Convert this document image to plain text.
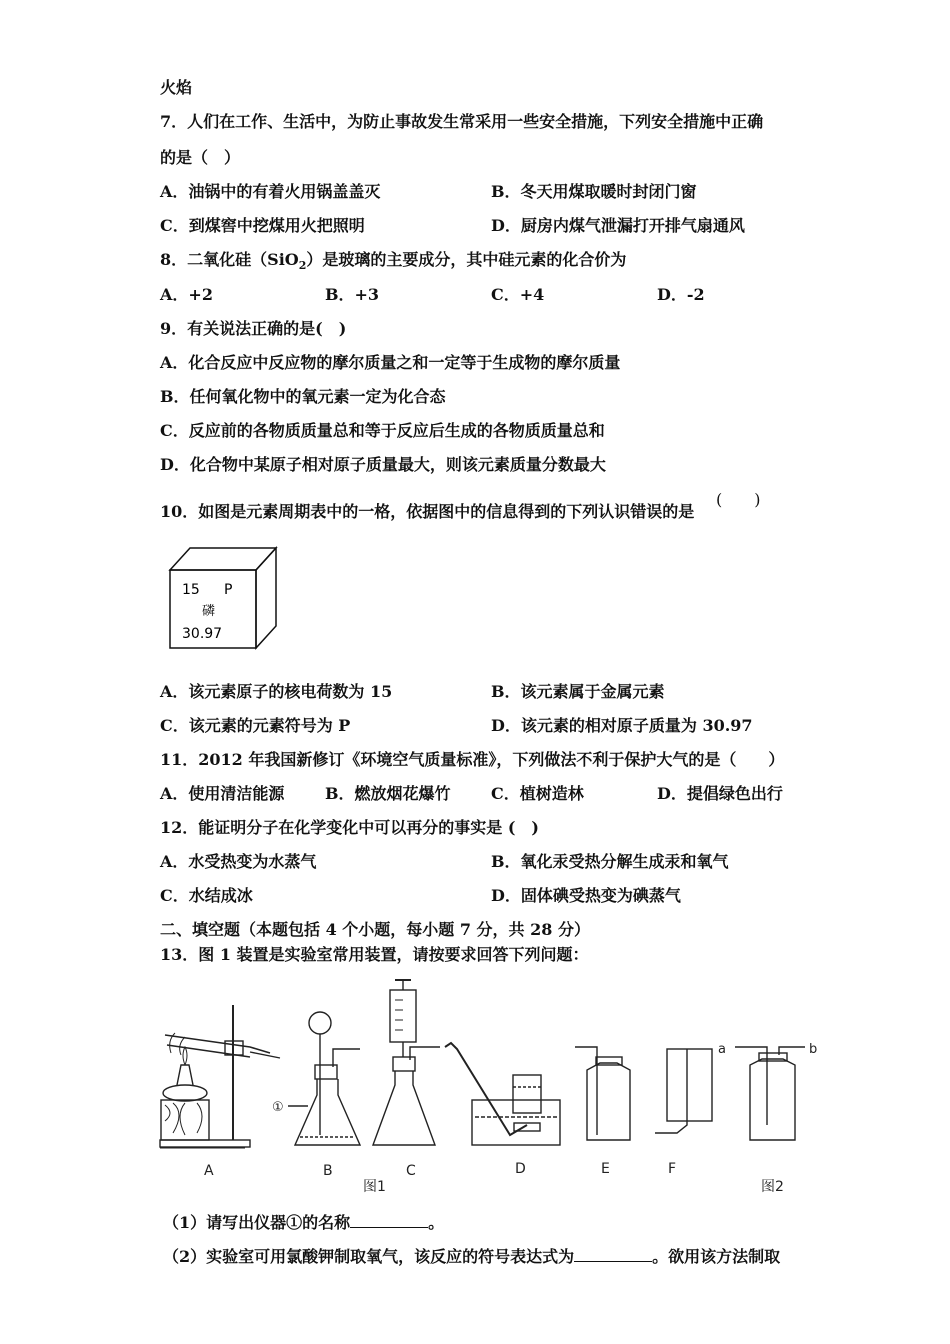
火焰
7．人们在工作、生活中，为防止事故发生常采用一些安全措施，下列安全措施中正确
的是（　）
A．油锅中的有着火用锅盖盖灭	B．冬天用煤取暖时封闭门窗
C．到煤窖中挖煤用火把照明	D．厨房内煤气泄漏打开排气扇通风
8．二氧化硅（SiO$_2$）是玻璃的主要成分，其中硅元素的化合价为
A．+2	B．+3	C．+4	D．-2
9．有关说法正确的是(　)
A．化合反应中反应物的摩尔质量之和一定等于生成物的摩尔质量
B．任何氧化物中的氧元素一定为化合态
C．反应前的各物质质量总和等于反应后生成的各物质质量总和
D．化合物中某原子相对原子质量最大，则该元素质量分数最大
10．如图是元素周期表中的一格，依据图中的信息得到的下列认识错误的是
(　　)
15 P
磷
30.97
A．该元素原子的核电荷数为 15	B．该元素属于金属元素
C．该元素的元素符号为 P	D．该元素的相对原子质量为 30.97
11．2012 年我国新修订《环境空气质量标准》，下列做法不利于保护大气的是（　　）
A．使用清洁能源	B．燃放烟花爆竹	C．植树造林	D．提倡绿色出行
12．能证明分子在化学变化中可以再分的事实是 (　)
A．水受热变为水蒸气	B．氧化汞受热分解生成汞和氧气
C．水结成冰	D．固体碘受热变为碘蒸气
二、填空题（本题包括 4 个小题，每小题 7 分，共 28 分）
13．图 1 装置是实验室常用装置，请按要求回答下列问题：
①
a	b
A	B	C	D	E	F
图1	图2
（1）请写出仪器①的名称	。
（2）实验室可用氯酸钾制取氧气，该反应的符号表达式为	。欲用该方法制取
